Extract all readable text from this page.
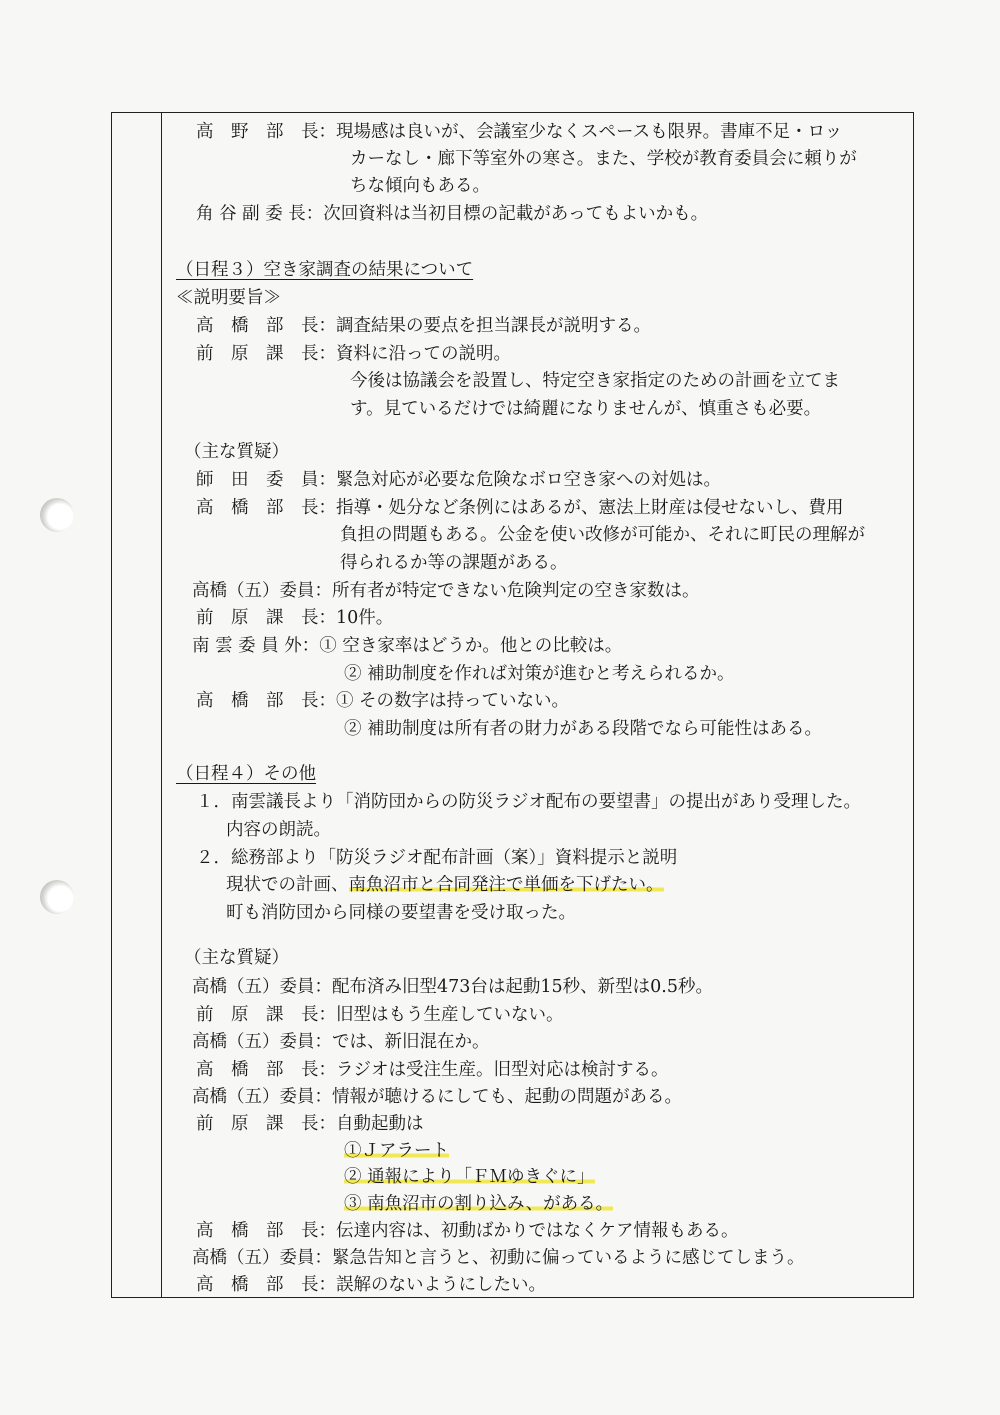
高　野　部　長：現場感は良いが、会議室少なくスペースも限界。書庫不足・ロッ
カーなし・廊下等室外の寒さ。また、学校が教育委員会に頼りが
ちな傾向もある。
角 谷 副 委 長：次回資料は当初目標の記載があってもよいかも。
（日程３）空き家調査の結果について
≪説明要旨≫
高　橋　部　長：調査結果の要点を担当課長が説明する。
前　原　課　長：資料に沿っての説明。
今後は協議会を設置し、特定空き家指定のための計画を立てま
す。見ているだけでは綺麗になりませんが、慎重さも必要。
（主な質疑）
師　田　委　員：緊急対応が必要な危険なボロ空き家への対処は。
高　橋　部　長：指導・処分など条例にはあるが、憲法上財産は侵せないし、費用
負担の問題もある。公金を使い改修が可能か、それに町民の理解が
得られるか等の課題がある。
高橋（五）委員：所有者が特定できない危険判定の空き家数は。
前　原　課　長：10件。
南 雲 委 員 外：① 空き家率はどうか。他との比較は。
② 補助制度を作れば対策が進むと考えられるか。
高　橋　部　長：① その数字は持っていない。
② 補助制度は所有者の財力がある段階でなら可能性はある。
（日程４）その他
１．南雲議長より「消防団からの防災ラジオ配布の要望書」の提出があり受理した。
内容の朗読。
２．総務部より「防災ラジオ配布計画（案）」資料提示と説明
現状での計画、南魚沼市と合同発注で単価を下げたい。
町も消防団から同様の要望書を受け取った。
（主な質疑）
高橋（五）委員：配布済み旧型473台は起動15秒、新型は0.5秒。
前　原　課　長：旧型はもう生産していない。
高橋（五）委員：では、新旧混在か。
高　橋　部　長：ラジオは受注生産。旧型対応は検討する。
高橋（五）委員：情報が聴けるにしても、起動の問題がある。
前　原　課　長：自動起動は
①Ｊアラート
② 通報により「ＦＭゆきぐに」
③ 南魚沼市の割り込み、がある。
高　橋　部　長：伝達内容は、初動ばかりではなくケア情報もある。
高橋（五）委員：緊急告知と言うと、初動に偏っているように感じてしまう。
高　橋　部　長：誤解のないようにしたい。
